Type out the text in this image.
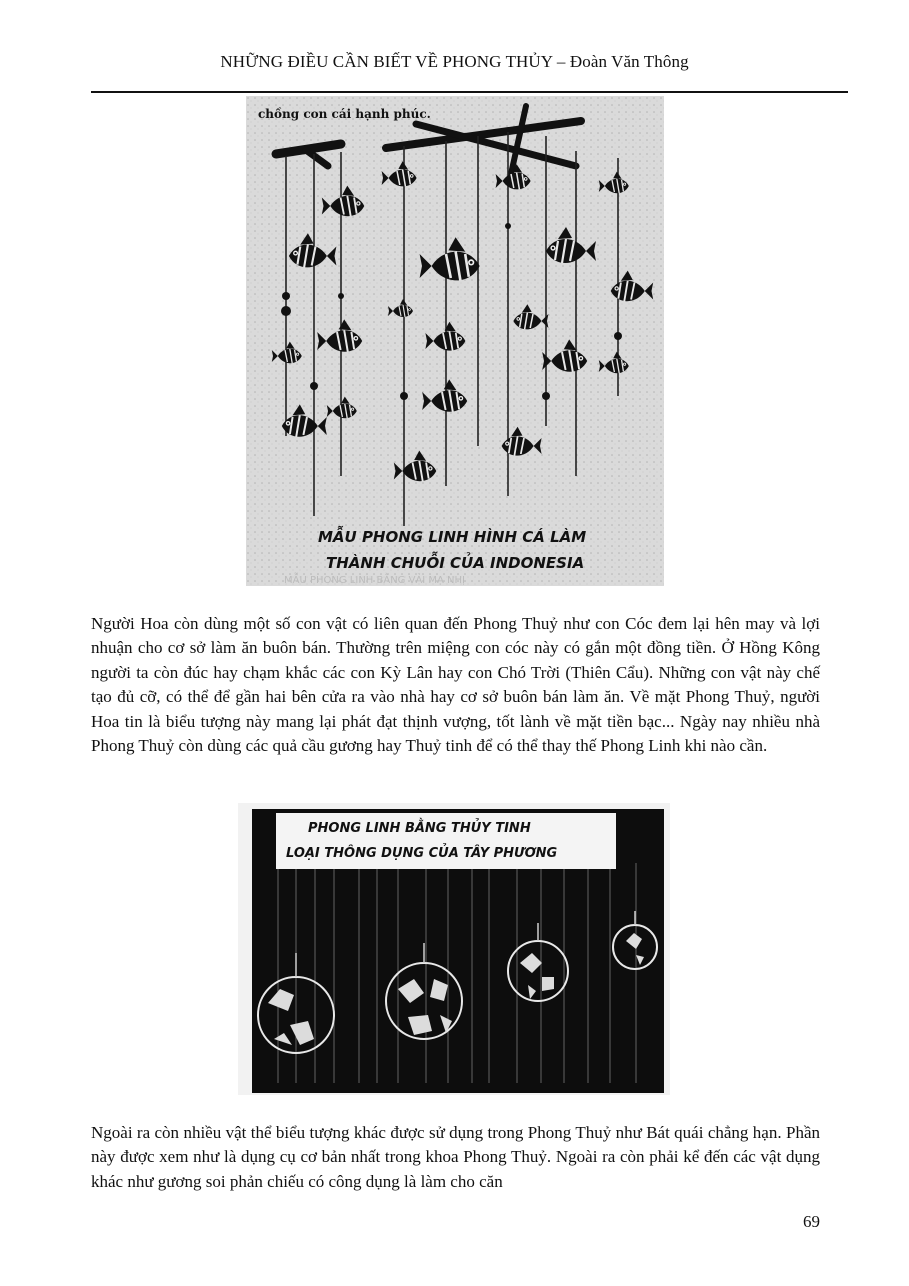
NHỮNG ĐIỀU CẦN BIẾT VỀ PHONG THỦY – Đoàn Văn Thông
chồng con cái hạnh phúc.
MẪU PHONG LINH HÌNH CÁ LÀM
THÀNH CHUỖI CỦA INDONESIA
MẪU PHONG LINH BẰNG VẢI MẠ NHỊ

Người Hoa còn dùng một số con vật có liên quan đến Phong Thuỷ như con Cóc đem lại hên may và lợi nhuận cho cơ sở làm ăn buôn bán. Thường trên miệng con cóc này có gắn một đồng tiền. Ở Hồng Kông người ta còn đúc hay chạm khắc các con Kỳ Lân hay con Chó Trời (Thiên Cẩu). Những con vật này chế tạo đủ cỡ, có thể để gần hai bên cửa ra vào nhà hay cơ sở buôn bán làm ăn. Về mặt Phong Thuỷ, người Hoa tin là biểu tượng này mang lại phát đạt thịnh vượng, tốt lành về mặt tiền bạc... Ngày nay nhiều nhà Phong Thuỷ còn dùng các quả cầu gương hay Thuỷ tinh để có thể thay thế Phong Linh khi nào cần.

PHONG LINH BẰNG THỦY TINH
LOẠI THÔNG DỤNG CỦA TÂY PHƯƠNG

Ngoài ra còn nhiều vật thể biểu tượng khác được sử dụng trong Phong Thuỷ như Bát quái chẳng hạn. Phần này được xem như là dụng cụ cơ bản nhất trong khoa Phong Thuỷ. Ngoài ra còn phải kể đến các vật dụng khác như gương soi phản chiếu có công dụng là làm cho căn

69
